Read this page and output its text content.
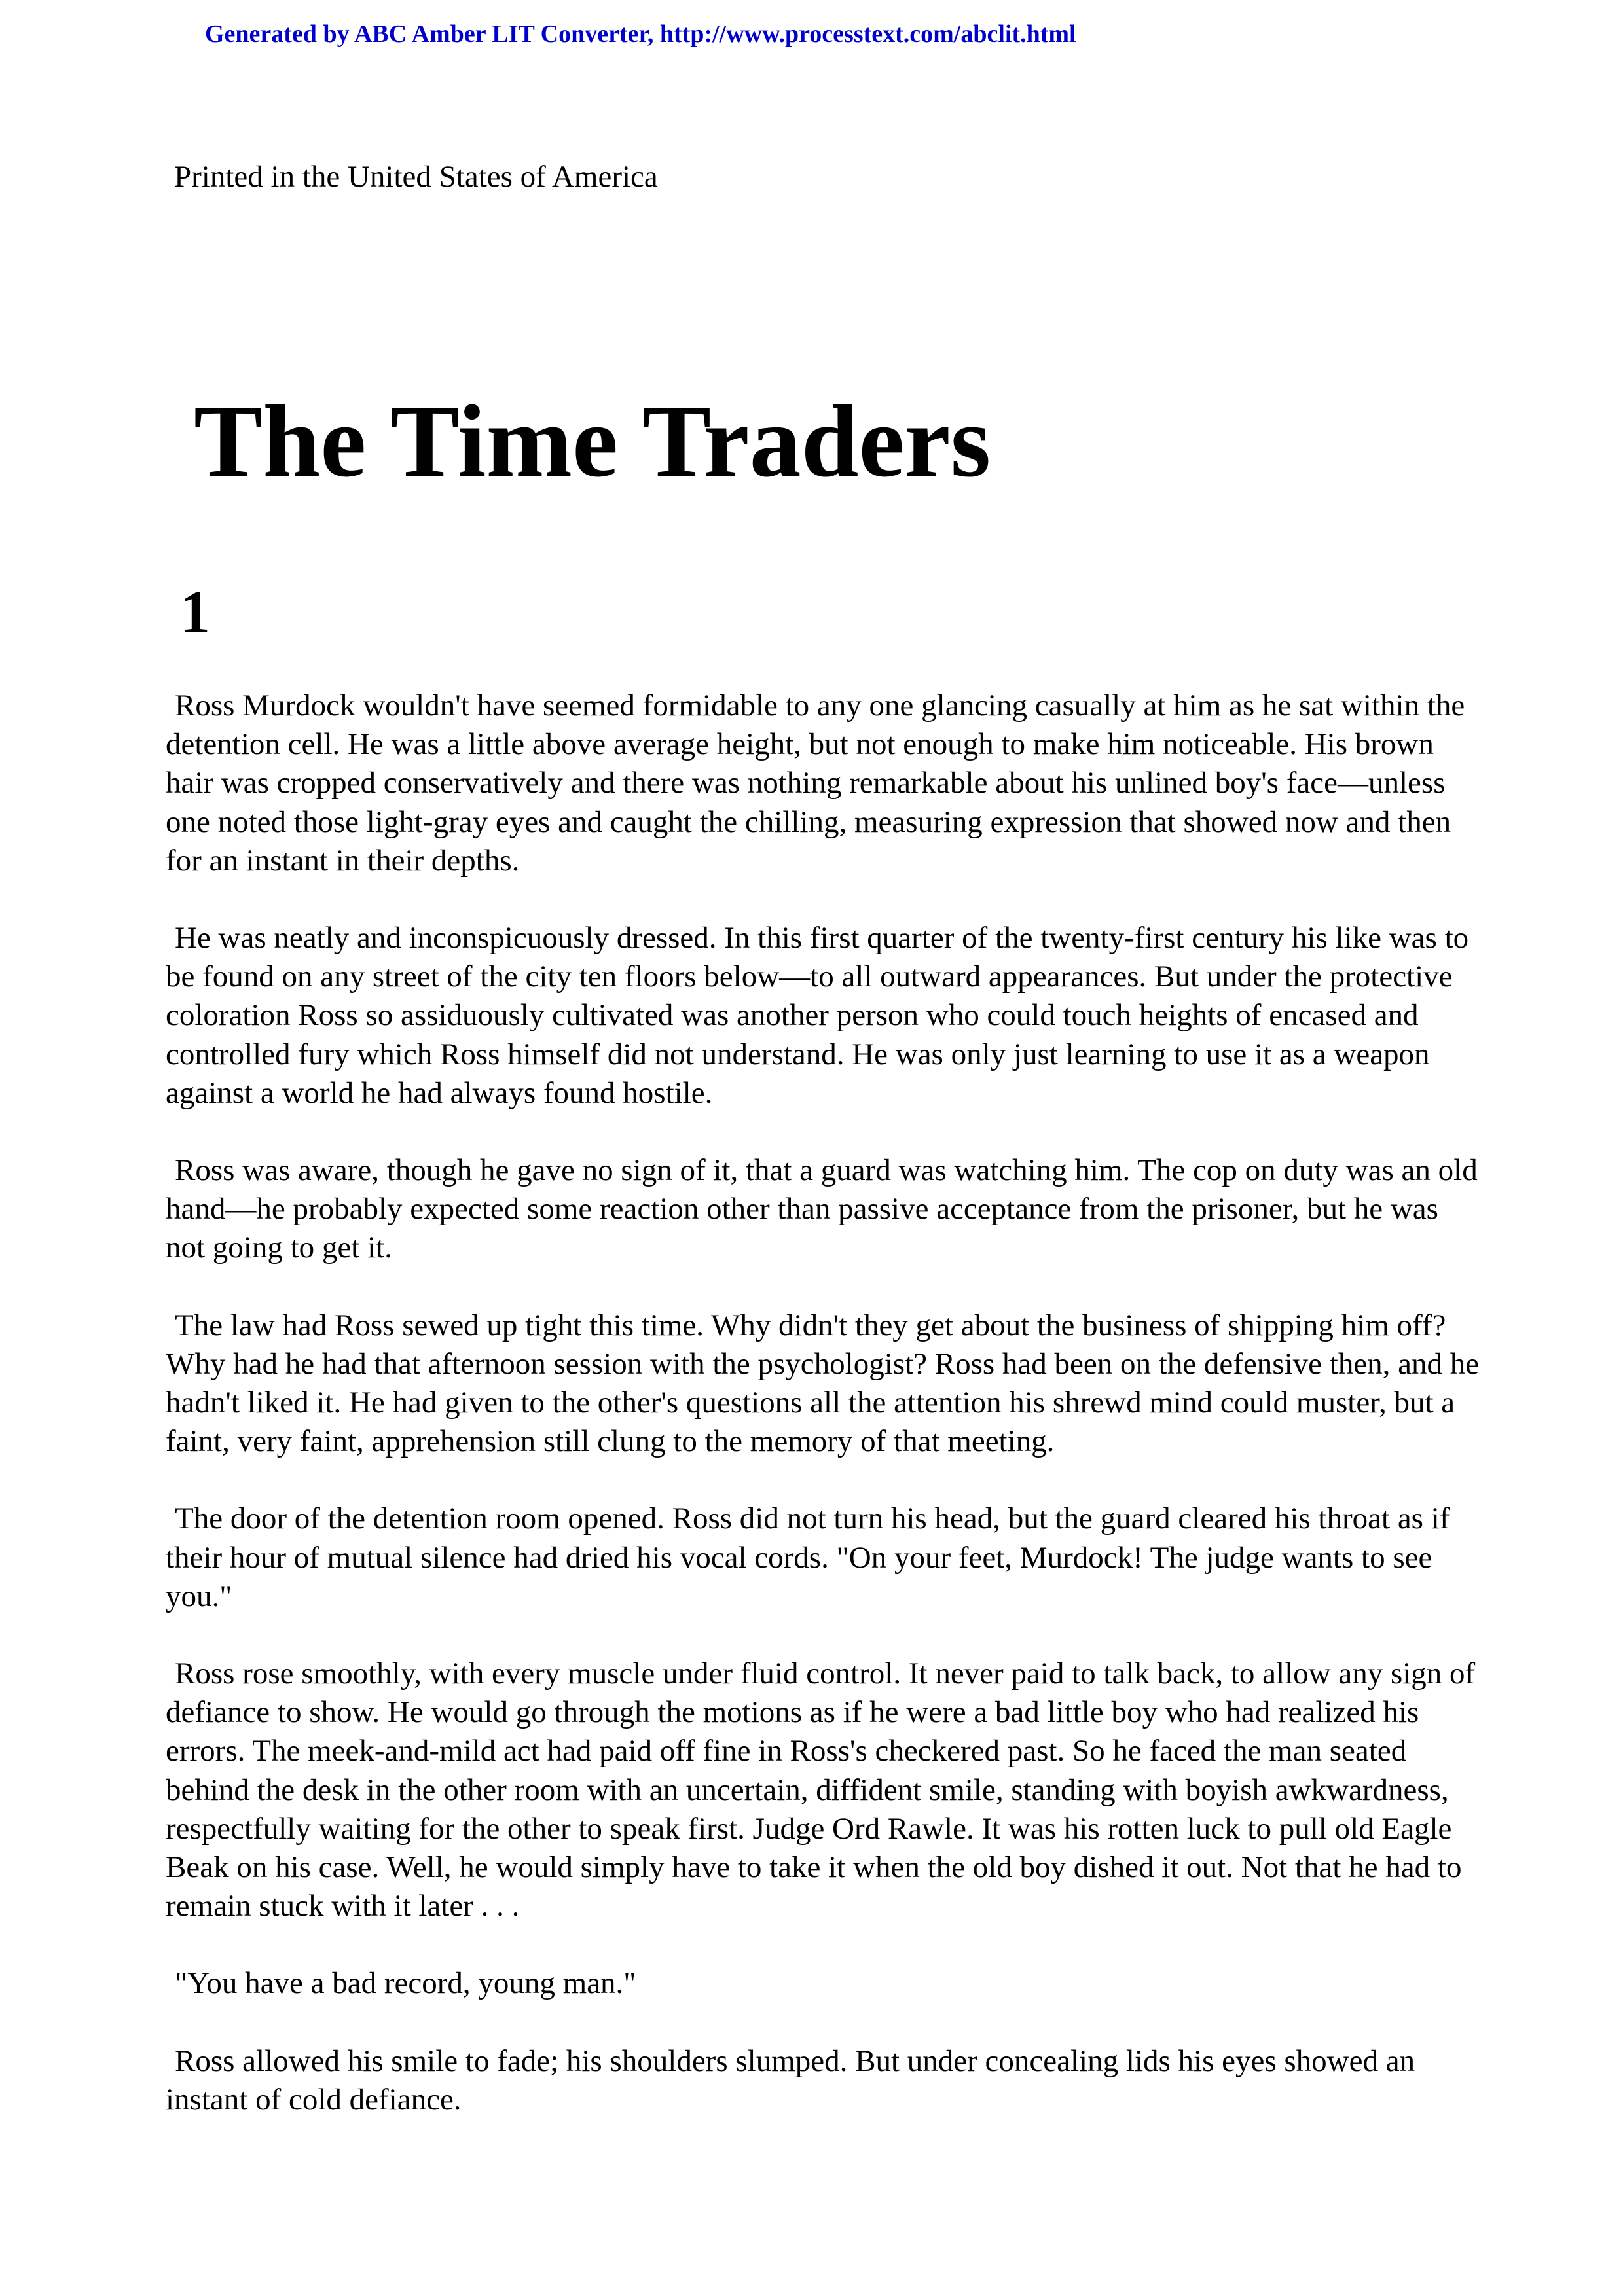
Generated by ABC Amber LIT Converter, http://www.processtext.com/abclit.html
Printed in the United States of America
The Time Traders
1

Ross Murdock wouldn't have seemed formidable to any one glancing casually at him as he sat within the detention cell. He was a little above average height, but not enough to make him noticeable. His brown hair was cropped conservatively and there was nothing remarkable about his unlined boy's face—unless one noted those light-gray eyes and caught the chilling, measuring expression that showed now and then for an instant in their depths.

He was neatly and inconspicuously dressed. In this first quarter of the twenty-first century his like was to be found on any street of the city ten floors below—to all outward appearances. But under the protective coloration Ross so assiduously cultivated was another person who could touch heights of encased and controlled fury which Ross himself did not understand. He was only just learning to use it as a weapon against a world he had always found hostile.

Ross was aware, though he gave no sign of it, that a guard was watching him. The cop on duty was an old hand—he probably expected some reaction other than passive acceptance from the prisoner, but he was not going to get it.

The law had Ross sewed up tight this time. Why didn't they get about the business of shipping him off? Why had he had that afternoon session with the psychologist? Ross had been on the defensive then, and he hadn't liked it. He had given to the other's questions all the attention his shrewd mind could muster, but a faint, very faint, apprehension still clung to the memory of that meeting.

The door of the detention room opened. Ross did not turn his head, but the guard cleared his throat as if their hour of mutual silence had dried his vocal cords. "On your feet, Murdock! The judge wants to see you."

Ross rose smoothly, with every muscle under fluid control. It never paid to talk back, to allow any sign of defiance to show. He would go through the motions as if he were a bad little boy who had realized his errors. The meek-and-mild act had paid off fine in Ross's checkered past. So he faced the man seated behind the desk in the other room with an uncertain, diffident smile, standing with boyish awkwardness, respectfully waiting for the other to speak first. Judge Ord Rawle. It was his rotten luck to pull old Eagle Beak on his case. Well, he would simply have to take it when the old boy dished it out. Not that he had to remain stuck with it later . . .

"You have a bad record, young man."

Ross allowed his smile to fade; his shoulders slumped. But under concealing lids his eyes showed an instant of cold defiance.
